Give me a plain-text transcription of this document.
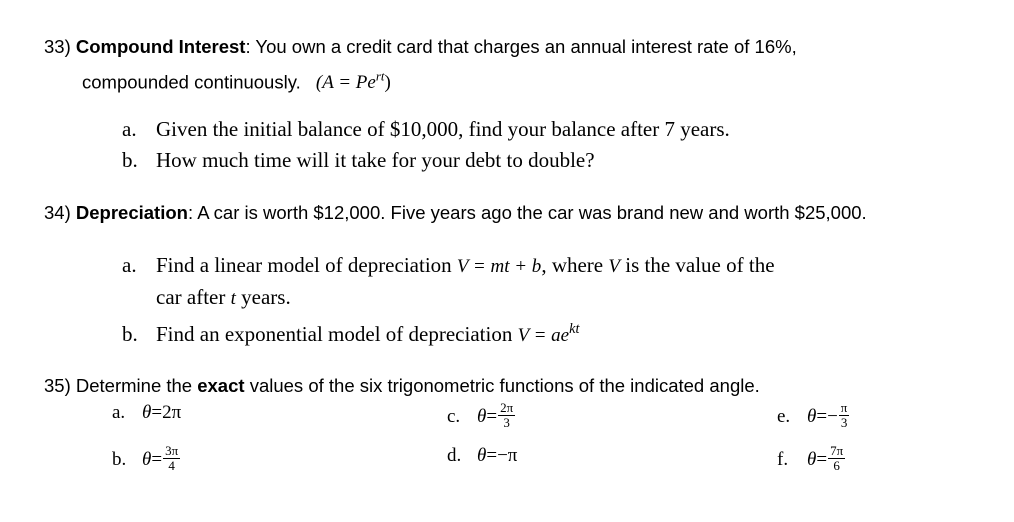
33) Compound Interest: You own a credit card that charges an annual interest rate of 16%,
compounded continuously. $(A = Pe^{rt})$
a. Given the initial balance of $10,000, find your balance after 7 years.
b. How much time will it take for your debt to double?
34) Depreciation: A car is worth $12,000. Five years ago the car was brand new and worth $25,000.
a. Find a linear model of depreciation V = mt + b, where V is the value of the
car after t years.
b. Find an exponential model of depreciation $V = ae^{kt}$
35) Determine the exact values of the six trigonometric functions of the indicated angle.
a. θ = 2π	c. $\theta = \frac{2\pi}{3}$	e. θ = − $\frac{\pi}{3}$
b. $\theta = \frac{3\pi}{4}$	d. θ = −π	f. $\theta = \frac{7\pi}{6}$
